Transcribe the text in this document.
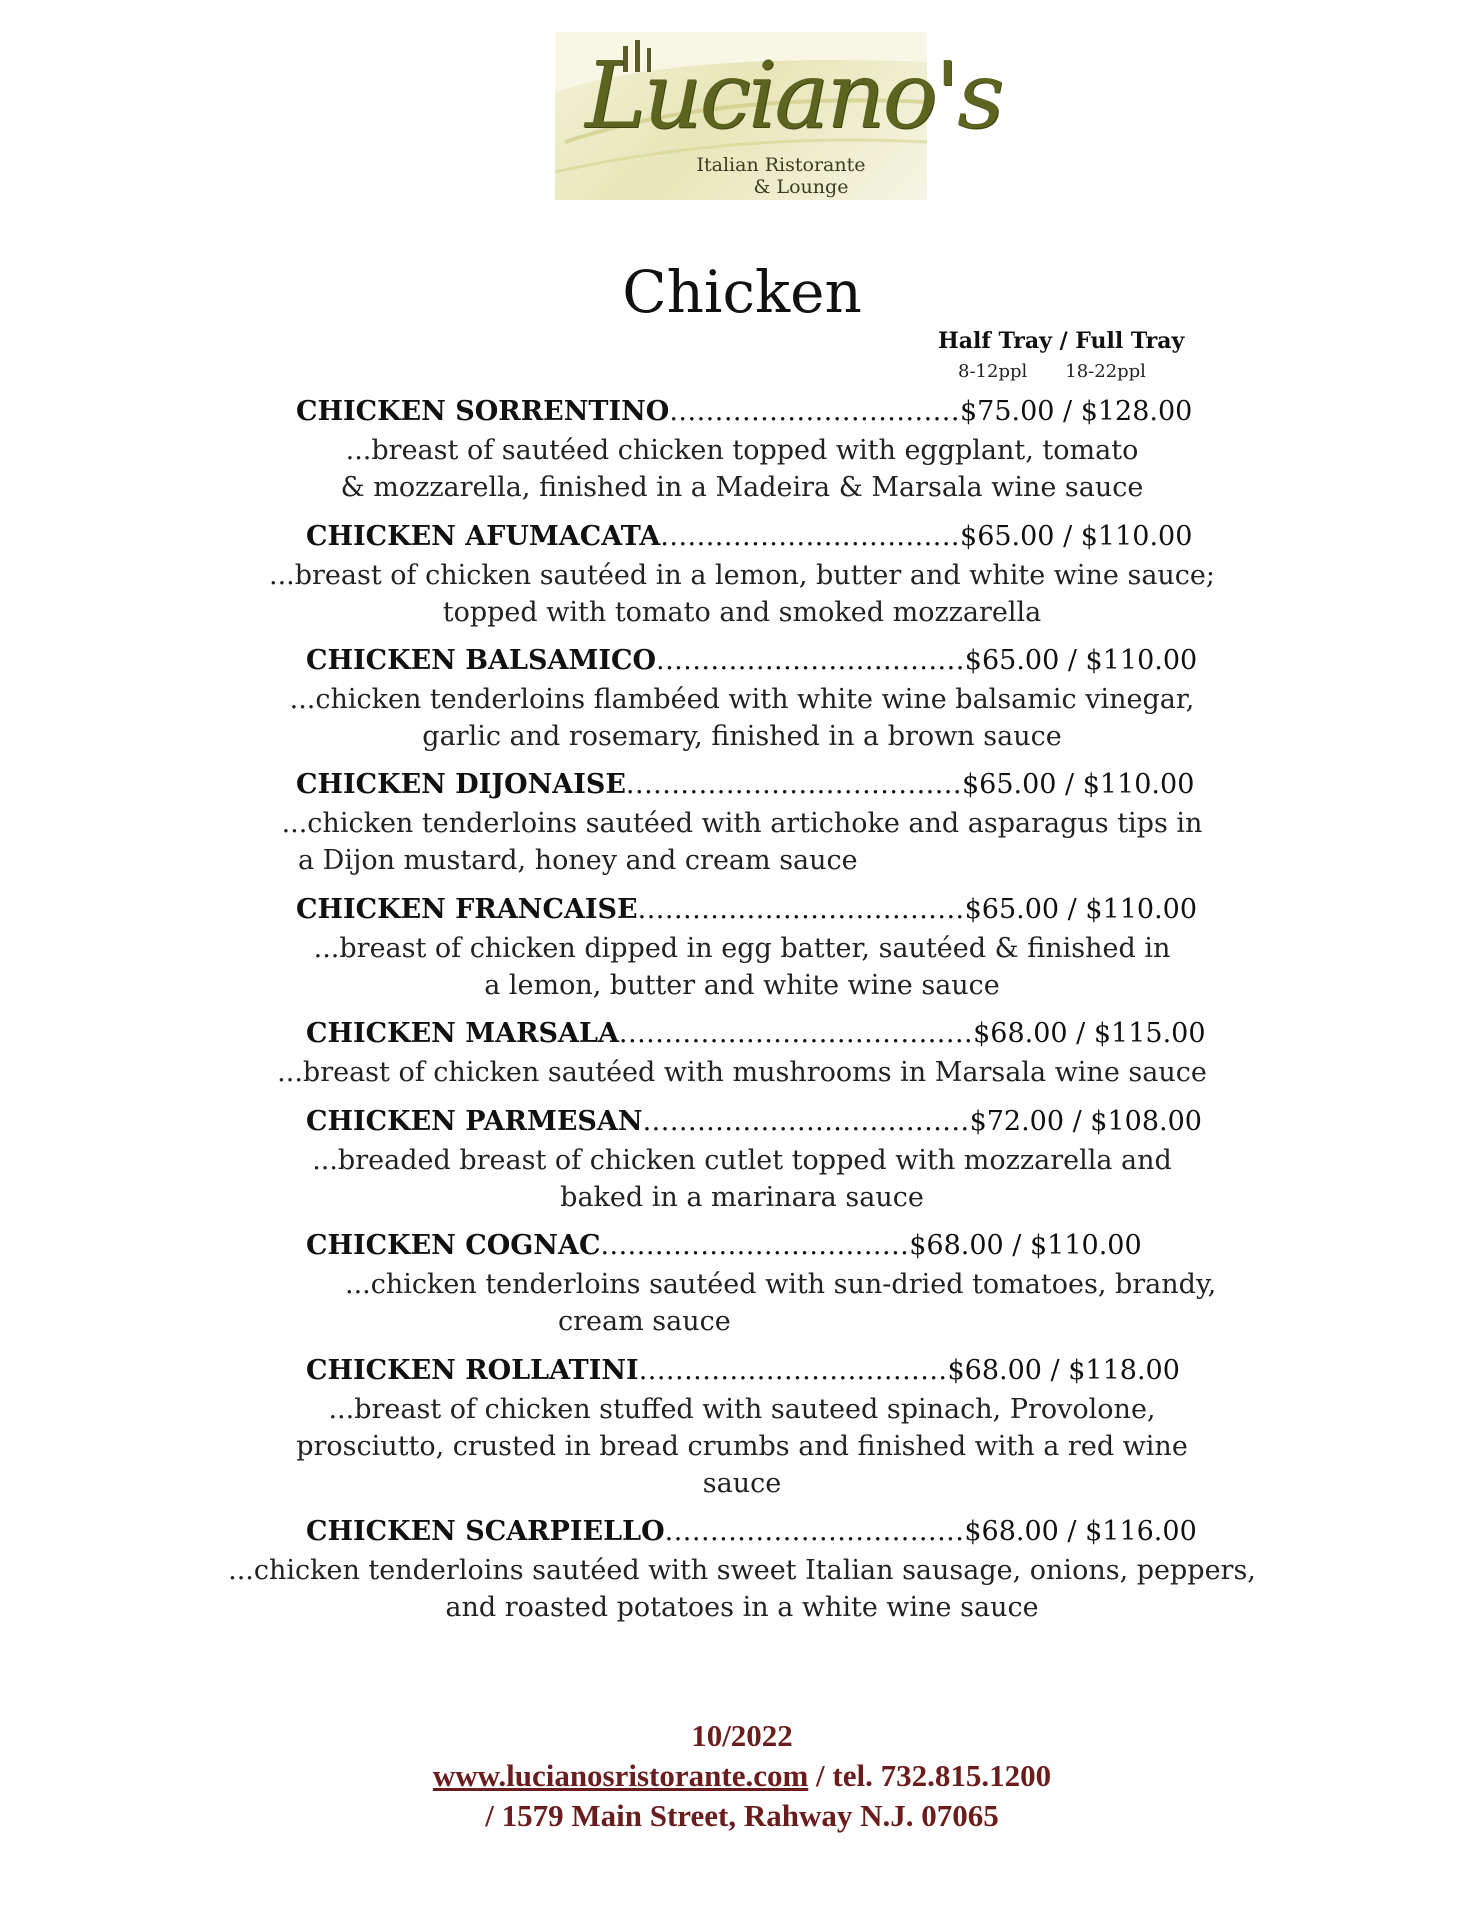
Luciano's
Italian Ristorante
& Lounge
Chicken
Half Tray / Full Tray
8-12ppl 18-22ppl
CHICKEN SORRENTINO................................$75.00 / $128.00
...breast of sautéed chicken topped with eggplant, tomato
& mozzarella, finished in a Madeira & Marsala wine sauce
CHICKEN AFUMACATA.................................$65.00 / $110.00
...breast of chicken sautéed in a lemon, butter and white wine sauce;
topped with tomato and smoked mozzarella
CHICKEN BALSAMICO..................................$65.00 / $110.00
...chicken tenderloins flambéed with white wine balsamic vinegar,
garlic and rosemary, finished in a brown sauce
CHICKEN DIJONAISE.....................................$65.00 / $110.00
...chicken tenderloins sautéed with artichoke and asparagus tips in
a Dijon mustard, honey and cream sauce
CHICKEN FRANCAISE....................................$65.00 / $110.00
...breast of chicken dipped in egg batter, sautéed & finished in
a lemon, butter and white wine sauce
CHICKEN MARSALA.......................................$68.00 / $115.00
...breast of chicken sautéed with mushrooms in Marsala wine sauce
CHICKEN PARMESAN....................................$72.00 / $108.00
...breaded breast of chicken cutlet topped with mozzarella and
baked in a marinara sauce
CHICKEN COGNAC..................................$68.00 / $110.00
...chicken tenderloins sautéed with sun-dried tomatoes, brandy,
cream sauce
CHICKEN ROLLATINI..................................$68.00 / $118.00
...breast of chicken stuffed with sauteed spinach, Provolone,
prosciutto, crusted in bread crumbs and finished with a red wine
sauce
CHICKEN SCARPIELLO.................................$68.00 / $116.00
...chicken tenderloins sautéed with sweet Italian sausage, onions, peppers,
and roasted potatoes in a white wine sauce
10/2022
www.lucianosristorante.com / tel. 732.815.1200
/ 1579 Main Street, Rahway N.J. 07065
